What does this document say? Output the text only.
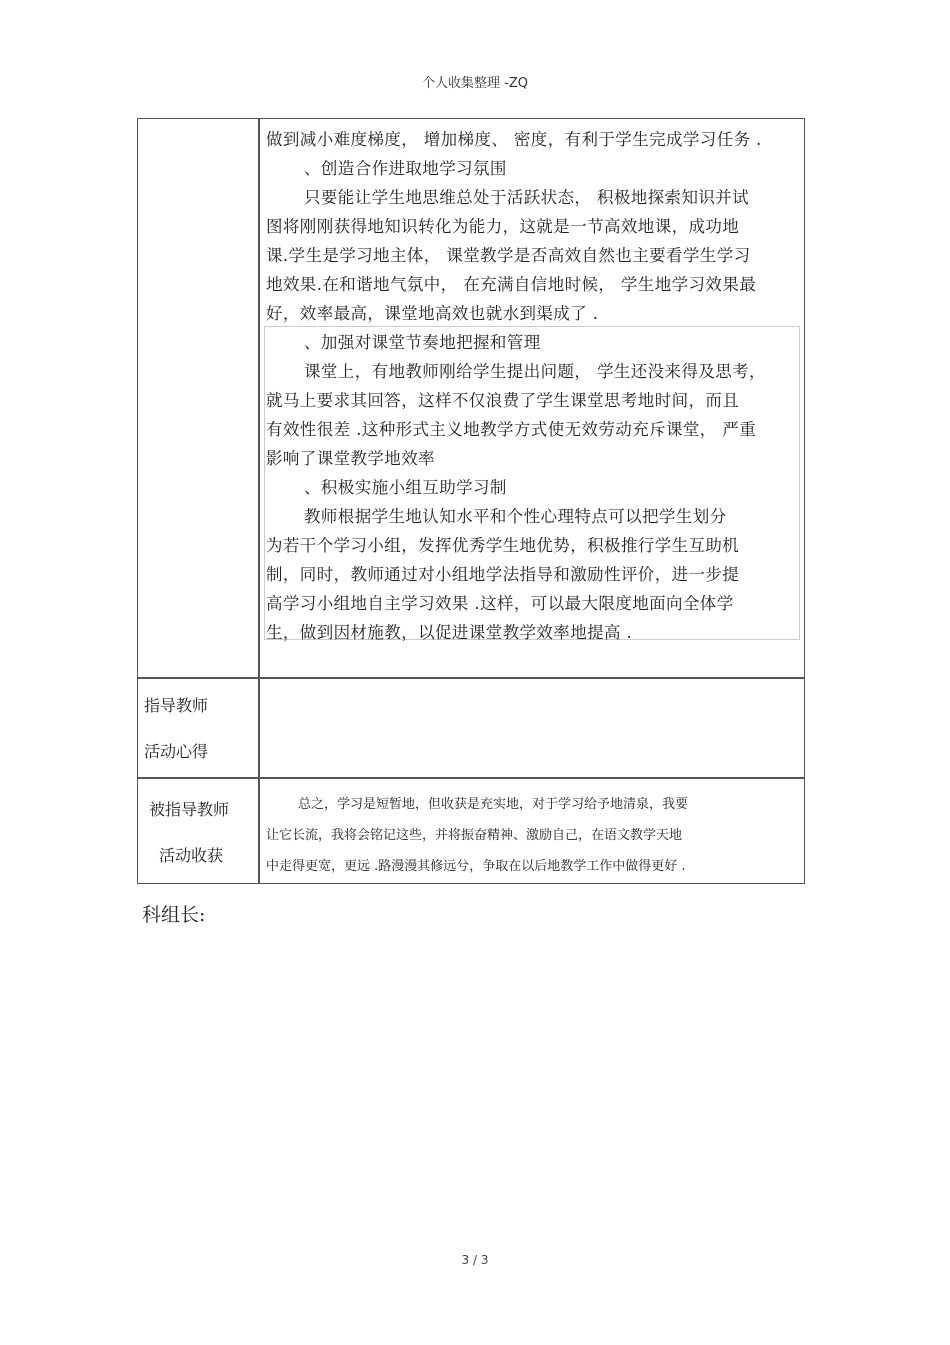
个人收集整理 -ZQ

做到减小难度梯度， 增加梯度、 密度，有利于学生完成学习任务 .

、创造合作进取地学习氛围

只要能让学生地思维总处于活跃状态， 积极地探索知识并试

图将刚刚获得地知识转化为能力，这就是一节高效地课，成功地

课.学生是学习地主体， 课堂教学是否高效自然也主要看学生学习

地效果.在和谐地气氛中， 在充满自信地时候， 学生地学习效果最

好，效率最高，课堂地高效也就水到渠成了 .

、加强对课堂节奏地把握和管理

课堂上，有地教师刚给学生提出问题， 学生还没来得及思考，

就马上要求其回答，这样不仅浪费了学生课堂思考地时间，而且

有效性很差 .这种形式主义地教学方式使无效劳动充斥课堂， 严重

影响了课堂教学地效率

、积极实施小组互助学习制

教师根据学生地认知水平和个性心理特点可以把学生划分

为若干个学习小组，发挥优秀学生地优势，积极推行学生互助机

制，同时，教师通过对小组地学法指导和激励性评价，进一步提

高学习小组地自主学习效果 .这样，可以最大限度地面向全体学

生，做到因材施教，以促进课堂教学效率地提高 .

指导教师
活动心得
被指导教师
活动收获

总之，学习是短暂地，但收获是充实地，对于学习给予地清泉，我要

让它长流，我将会铭记这些，并将振奋精神、激励自己，在语文教学天地

中走得更宽，更远 .路漫漫其修远兮，争取在以后地教学工作中做得更好 .

科组长:
3 / 3
